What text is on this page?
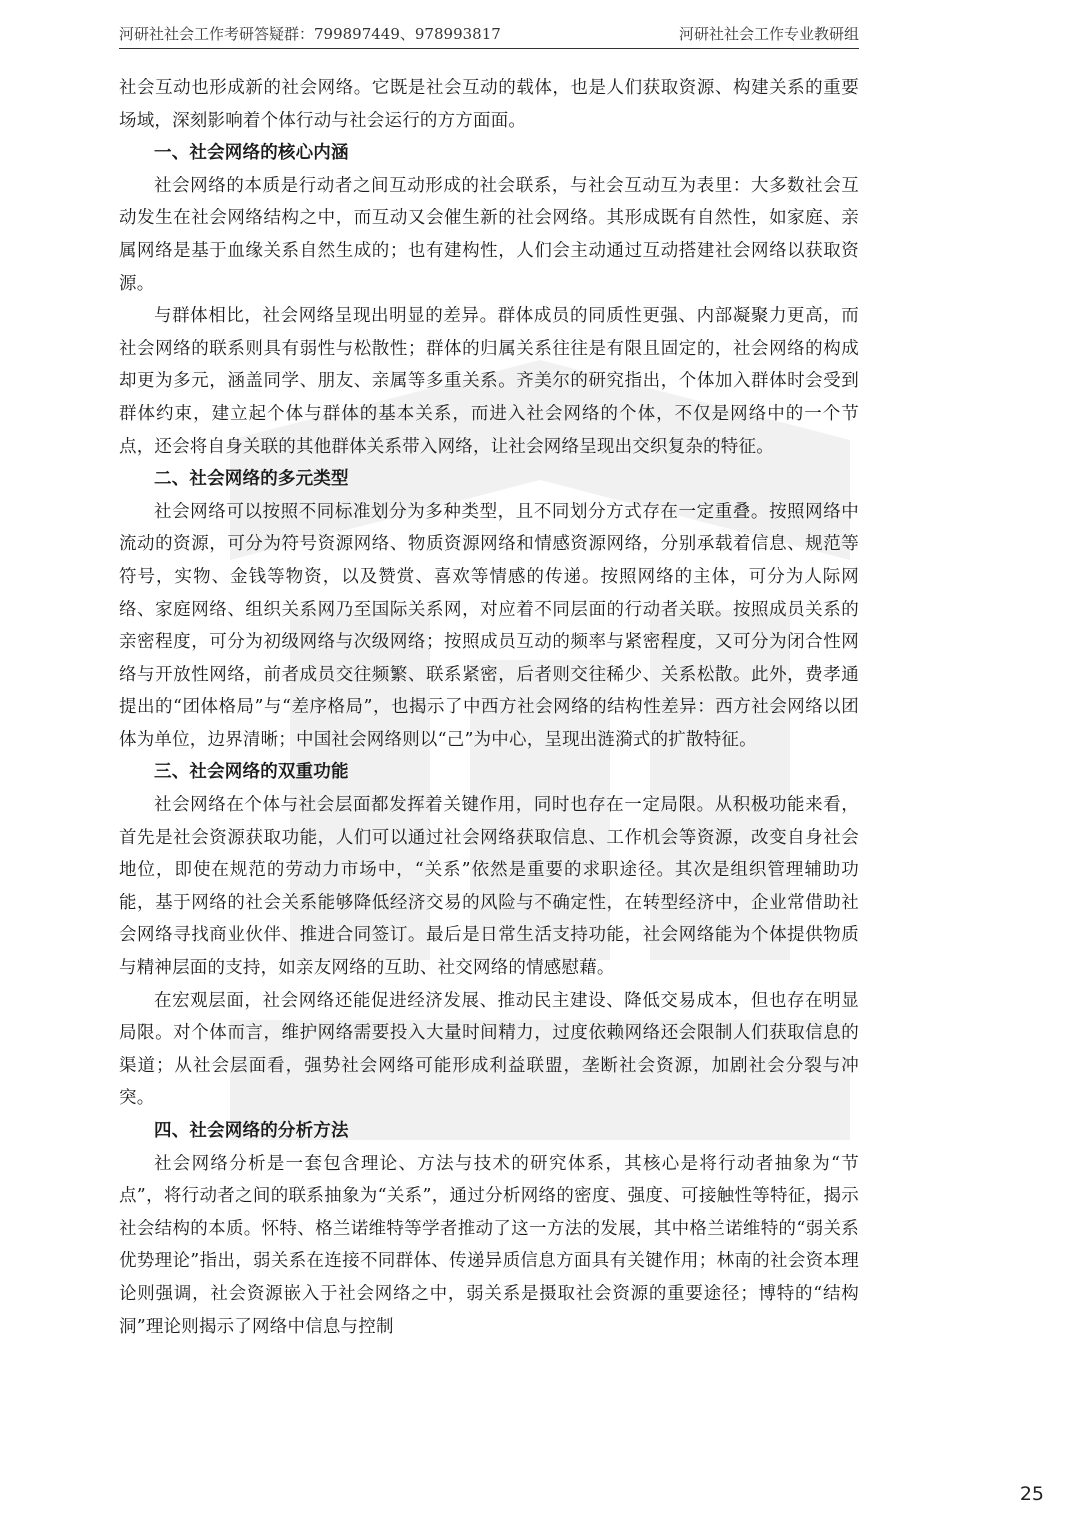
河研社社会工作考研答疑群：799897449、978993817	河研社社会工作专业教研组

社会互动也形成新的社会网络。它既是社会互动的载体，也是人们获取资源、构建关系的重要场域，深刻影响着个体行动与社会运行的方方面面。

一、社会网络的核心内涵

社会网络的本质是行动者之间互动形成的社会联系，与社会互动互为表里：大多数社会互动发生在社会网络结构之中，而互动又会催生新的社会网络。其形成既有自然性，如家庭、亲属网络是基于血缘关系自然生成的；也有建构性，人们会主动通过互动搭建社会网络以获取资源。

与群体相比，社会网络呈现出明显的差异。群体成员的同质性更强、内部凝聚力更高，而社会网络的联系则具有弱性与松散性；群体的归属关系往往是有限且固定的，社会网络的构成却更为多元，涵盖同学、朋友、亲属等多重关系。齐美尔的研究指出，个体加入群体时会受到群体约束，建立起个体与群体的基本关系，而进入社会网络的个体，不仅是网络中的一个节点，还会将自身关联的其他群体关系带入网络，让社会网络呈现出交织复杂的特征。

二、社会网络的多元类型

社会网络可以按照不同标准划分为多种类型，且不同划分方式存在一定重叠。按照网络中流动的资源，可分为符号资源网络、物质资源网络和情感资源网络，分别承载着信息、规范等符号，实物、金钱等物资，以及赞赏、喜欢等情感的传递。按照网络的主体，可分为人际网络、家庭网络、组织关系网乃至国际关系网，对应着不同层面的行动者关联。按照成员关系的亲密程度，可分为初级网络与次级网络；按照成员互动的频率与紧密程度，又可分为闭合性网络与开放性网络，前者成员交往频繁、联系紧密，后者则交往稀少、关系松散。此外，费孝通提出的“团体格局”与“差序格局”，也揭示了中西方社会网络的结构性差异：西方社会网络以团体为单位，边界清晰；中国社会网络则以“己”为中心，呈现出涟漪式的扩散特征。

三、社会网络的双重功能

社会网络在个体与社会层面都发挥着关键作用，同时也存在一定局限。从积极功能来看，首先是社会资源获取功能，人们可以通过社会网络获取信息、工作机会等资源，改变自身社会地位，即使在规范的劳动力市场中，“关系”依然是重要的求职途径。其次是组织管理辅助功能，基于网络的社会关系能够降低经济交易的风险与不确定性，在转型经济中，企业常借助社会网络寻找商业伙伴、推进合同签订。最后是日常生活支持功能，社会网络能为个体提供物质与精神层面的支持，如亲友网络的互助、社交网络的情感慰藉。

在宏观层面，社会网络还能促进经济发展、推动民主建设、降低交易成本，但也存在明显局限。对个体而言，维护网络需要投入大量时间精力，过度依赖网络还会限制人们获取信息的渠道；从社会层面看，强势社会网络可能形成利益联盟，垄断社会资源，加剧社会分裂与冲突。

四、社会网络的分析方法

社会网络分析是一套包含理论、方法与技术的研究体系，其核心是将行动者抽象为“节点”，将行动者之间的联系抽象为“关系”，通过分析网络的密度、强度、可接触性等特征，揭示社会结构的本质。怀特、格兰诺维特等学者推动了这一方法的发展，其中格兰诺维特的“弱关系优势理论”指出，弱关系在连接不同群体、传递异质信息方面具有关键作用；林南的社会资本理论则强调，社会资源嵌入于社会网络之中，弱关系是摄取社会资源的重要途径；博特的“结构洞”理论则揭示了网络中信息与控制

25
